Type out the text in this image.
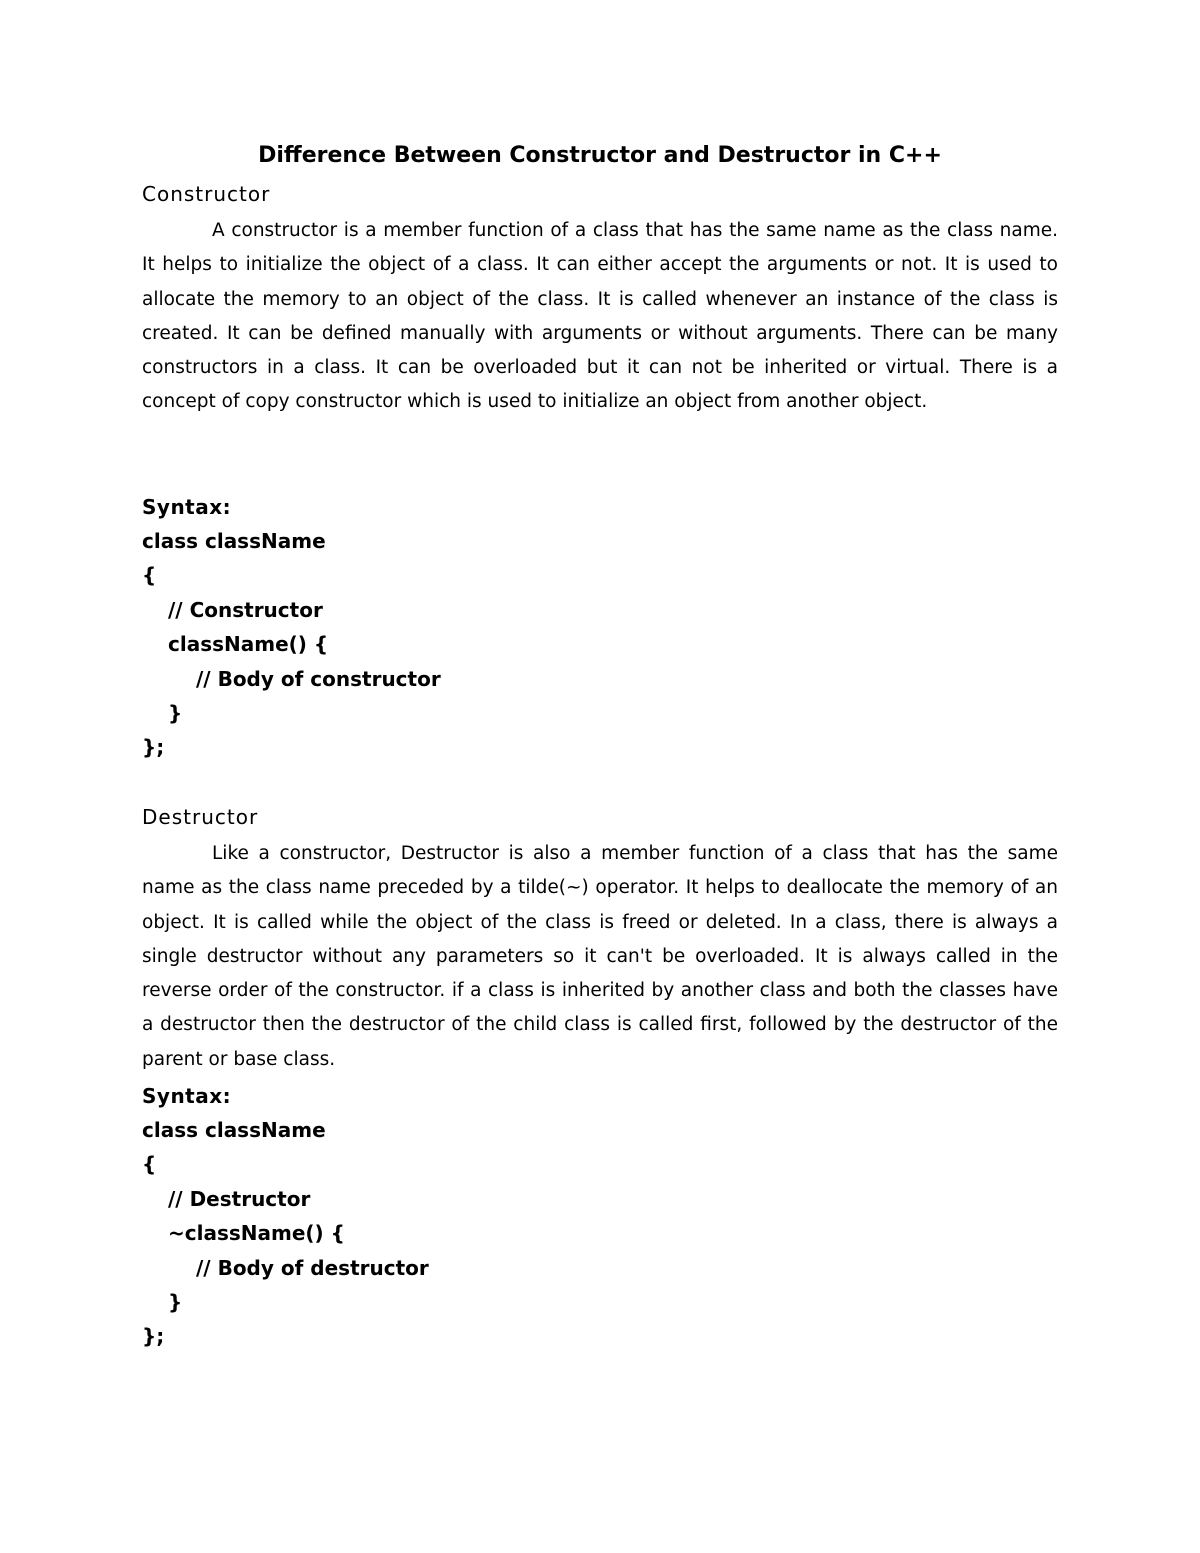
Difference Between Constructor and Destructor in C++
Constructor

A constructor is a member function of a class that has the same name as the class name. It helps to initialize the object of a class. It can either accept the arguments or not. It is used to allocate the memory to an object of the class. It is called whenever an instance of the class is created. It can be defined manually with arguments or without arguments. There can be many constructors in a class. It can be overloaded but it can not be inherited or virtual. There is a concept of copy constructor which is used to initialize an object from another object.

Syntax:
class className
{
// Constructor
className() {
// Body of constructor
}
};
Destructor

Like a constructor, Destructor is also a member function of a class that has the same name as the class name preceded by a tilde(~) operator. It helps to deallocate the memory of an object. It is called while the object of the class is freed or deleted. In a class, there is always a single destructor without any parameters so it can't be overloaded. It is always called in the reverse order of the constructor. if a class is inherited by another class and both the classes have a destructor then the destructor of the child class is called first, followed by the destructor of the parent or base class.

Syntax:
class className
{
// Destructor
~className() {
// Body of destructor
}
};
